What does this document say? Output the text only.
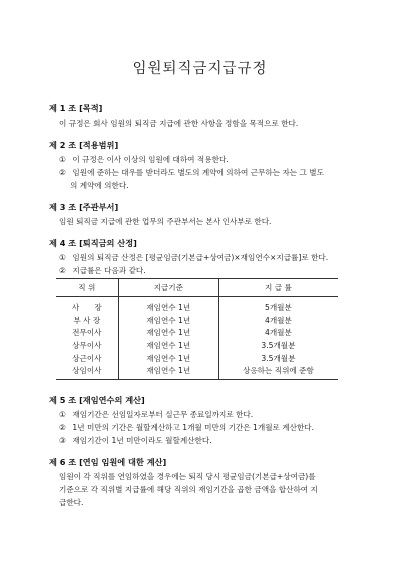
임원퇴직금지급규정
제 1 조 [목적]
이 규정은 회사 임원의 퇴직금 지급에 관한 사항을 정함을 목적으로 한다.
제 2 조 [적용범위]
① 이 규정은 이사 이상의 임원에 대하여 적용한다.
② 임원에 준하는 대우를 받더라도 별도의 계약에 의하여 근무하는 자는 그 별도
의 계약에 의한다.
제 3 조 [주관부서]
임원 퇴직금 지급에 관한 업무의 주관부서는 본사 인사부로 한다.
제 4 조 [퇴직금의 산정]
① 임원의 퇴직금 산정은 [평균임금(기본급+상여금)×재임연수×지급률]로 한다.
② 지급률은 다음과 같다.
직 위	지급기준	지 급 률
사　　장	재임연수 1년	5개월분
부 사 장	재임연수 1년	4개월분
전무이사	재임연수 1년	4개월분
상무이사	재임연수 1년	3.5개월분
상근이사	재임연수 1년	3.5개월분
상임이사	재임연수 1년	상응하는 직위에 준함
제 5 조 [재임연수의 계산]
① 재임기간은 선임일자로부터 실근무 종료일까지로 한다.
② 1년 미만의 기간은 월할계산하고 1개월 미만의 기간은 1개월로 계산한다.
③ 재임기간이 1년 미만이라도 월할계산한다.
제 6 조 [연임 임원에 대한 계산]
임원이 각 직위를 연임하였을 경우에는 퇴직 당시 평균임금(기본급+상여금)를
기준으로 각 직위별 지급률에 해당 직위의 재임기간을 곱한 금액을 합산하여 지
급한다.
